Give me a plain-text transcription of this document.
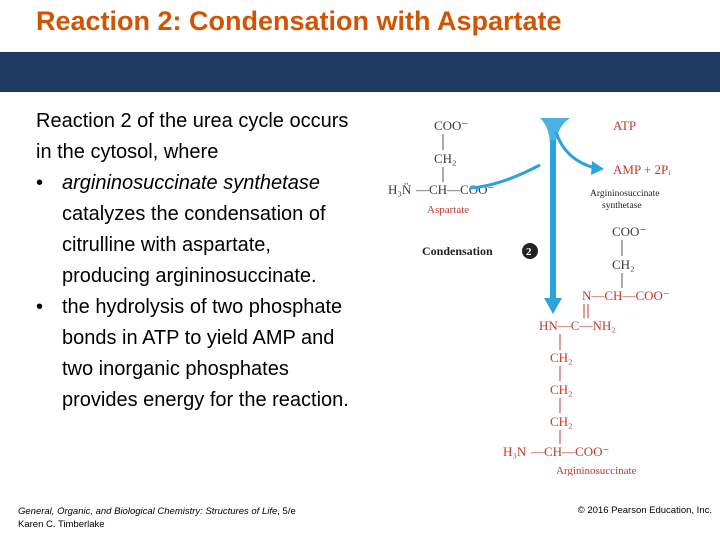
Reaction 2: Condensation with Aspartate

Reaction 2 of the urea cycle occurs in the cytosol, where

• argininosuccinate synthetase catalyzes the condensation of citrulline with aspartate, producing argininosuccinate.
• the hydrolysis of two phosphate bonds in ATP to yield AMP and two inorganic phosphates provides energy for the reaction.
COO⁻
CH₂
H₃N̈ —CH—COO⁻
Aspartate
ATP
AMP + 2Pᵢ
Argininosuccinate
synthetase
Condensation	2
COO⁻
CH₂
N—CH—COO⁻
HN—C—NH₂
CH₂
CH₂
CH₂
H₃N —CH—COO⁻
Argininosuccinate
General, Organic, and Biological Chemistry: Structures of Life, 5/e
Karen C. Timberlake
© 2016 Pearson Education, Inc.
